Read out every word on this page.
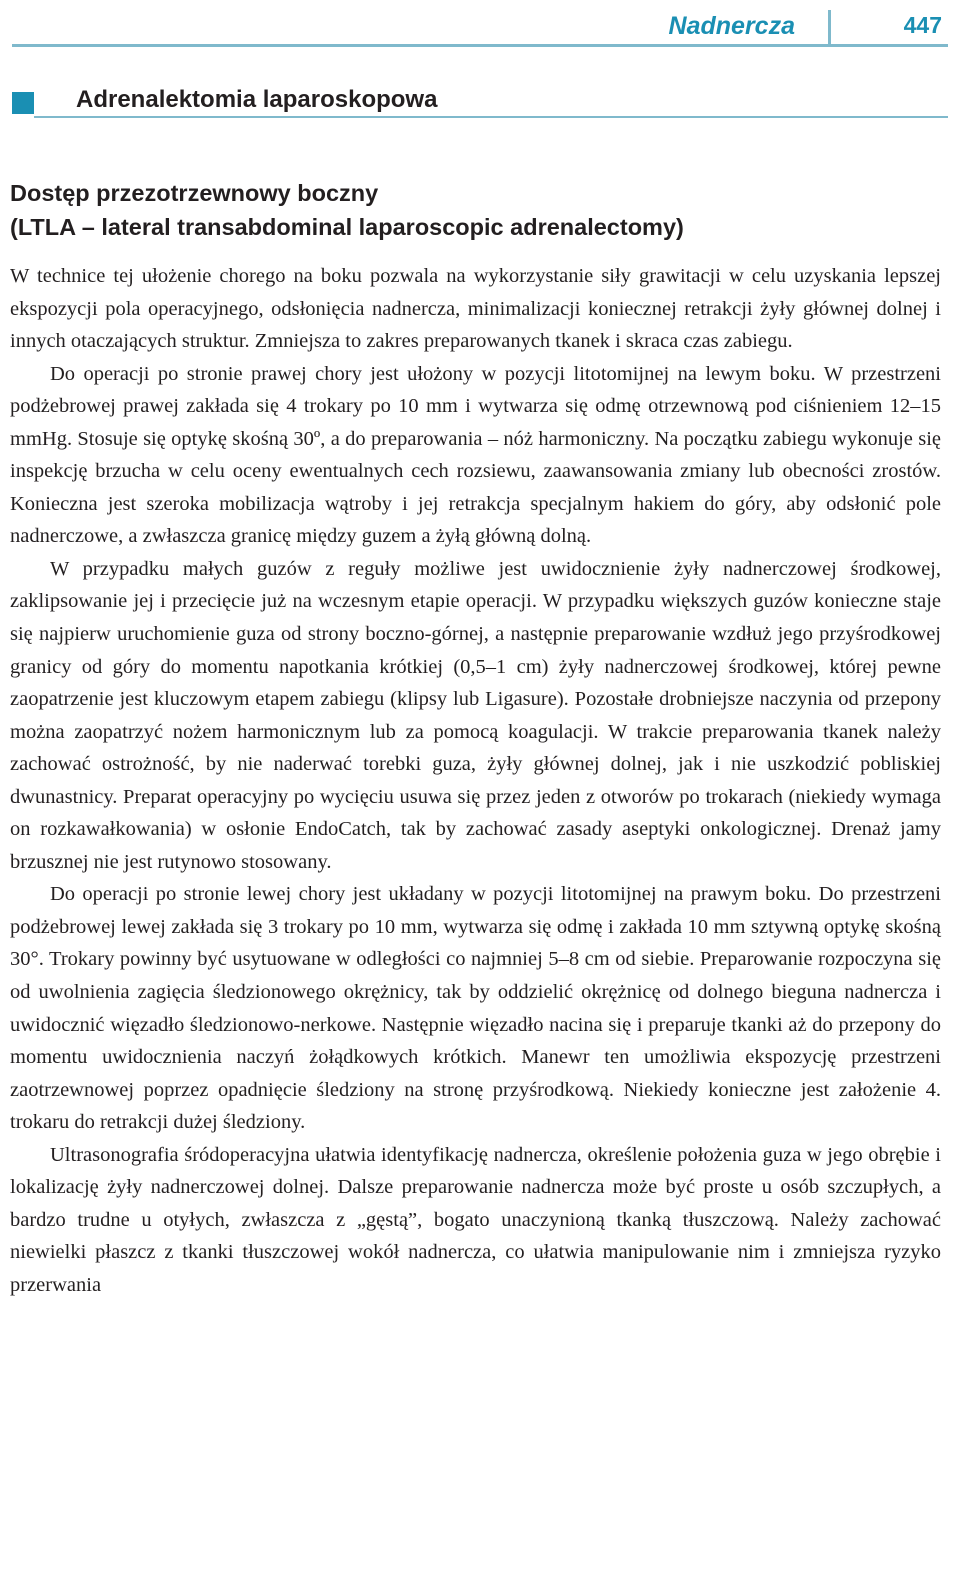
Nadnercza	447
Adrenalektomia laparoskopowa
Dostęp przezotrzewnowy boczny
(LTLA – lateral transabdominal laparoscopic adrenalectomy)

W technice tej ułożenie chorego na boku pozwala na wykorzystanie siły grawitacji w celu uzyskania lepszej ekspozycji pola operacyjnego, odsłonięcia nadnercza, minimalizacji koniecznej retrakcji żyły głównej dolnej i innych otaczających struktur. Zmniejsza to zakres preparowanych tkanek i skraca czas zabiegu.

Do operacji po stronie prawej chory jest ułożony w pozycji litotomijnej na lewym boku. W przestrzeni podżebrowej prawej zakłada się 4 trokary po 10 mm i wytwarza się odmę otrzewnową pod ciśnieniem 12–15 mmHg. Stosuje się optykę skośną 30º, a do preparowania – nóż harmoniczny. Na początku zabiegu wykonuje się inspekcję brzucha w celu oceny ewentualnych cech rozsiewu, zaawansowania zmiany lub obecności zrostów. Konieczna jest szeroka mobilizacja wątroby i jej retrakcja specjalnym hakiem do góry, aby odsłonić pole nadnerczowe, a zwłaszcza granicę między guzem a żyłą główną dolną.

W przypadku małych guzów z reguły możliwe jest uwidocznienie żyły nadnerczowej środkowej, zaklipsowanie jej i przecięcie już na wczesnym etapie operacji. W przypadku większych guzów konieczne staje się najpierw uruchomienie guza od strony boczno-górnej, a następnie preparowanie wzdłuż jego przyśrodkowej granicy od góry do momentu napotkania krótkiej (0,5–1 cm) żyły nadnerczowej środkowej, której pewne zaopatrzenie jest kluczowym etapem zabiegu (klipsy lub Ligasure). Pozostałe drobniejsze naczynia od przepony można zaopatrzyć nożem harmonicznym lub za pomocą koagulacji. W trakcie preparowania tkanek należy zachować ostrożność, by nie naderwać torebki guza, żyły głównej dolnej, jak i nie uszkodzić pobliskiej dwunastnicy. Preparat operacyjny po wycięciu usuwa się przez jeden z otworów po trokarach (niekiedy wymaga on rozkawałkowania) w osłonie EndoCatch, tak by zachować zasady aseptyki onkologicznej. Drenaż jamy brzusznej nie jest rutynowo stosowany.

Do operacji po stronie lewej chory jest układany w pozycji litotomijnej na prawym boku. Do przestrzeni podżebrowej lewej zakłada się 3 trokary po 10 mm, wytwarza się odmę i zakłada 10 mm sztywną optykę skośną 30°. Trokary powinny być usytuowane w odległości co najmniej 5–8 cm od siebie. Preparowanie rozpoczyna się od uwolnienia zagięcia śledzionowego okrężnicy, tak by oddzielić okrężnicę od dolnego bieguna nadnercza i uwidocznić więzadło śledzionowo-nerkowe. Następnie więzadło nacina się i preparuje tkanki aż do przepony do momentu uwidocznienia naczyń żołądkowych krótkich. Manewr ten umożliwia ekspozycję przestrzeni zaotrzewnowej poprzez opadnięcie śledziony na stronę przyśrodkową. Niekiedy konieczne jest założenie 4. trokaru do retrakcji dużej śledziony.

Ultrasonografia śródoperacyjna ułatwia identyfikację nadnercza, określenie położenia guza w jego obrębie i lokalizację żyły nadnerczowej dolnej. Dalsze preparowanie nadnercza może być proste u osób szczupłych, a bardzo trudne u otyłych, zwłaszcza z „gęstą”, bogato unaczynioną tkanką tłuszczową. Należy zachować niewielki płaszcz z tkanki tłuszczowej wokół nadnercza, co ułatwia manipulowanie nim i zmniejsza ryzyko przerwania
